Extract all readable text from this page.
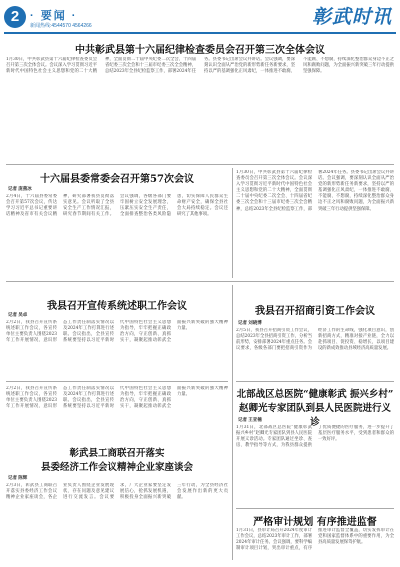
2 · 要闻 ·
新闻热线:4544570 4564266	彰武时讯
中共彰武县第十六届纪律检查委员会召开第三次全体会议
1月30日，中共彰武县第十六届纪律检查委员会召开第三次全体会议。会议深入学习贯彻习近平新时代中国特色社会主义思想和党的二十大精神，全面贯彻二十届中央纪委二次全会、十四届省纪委三次全会和十三届市纪委三次全会精神，总结2023年全县纪检监察工作，部署2024年任务。县委书记出席会议并讲话。会议强调，要深刻认识全面从严治党的新形势新任务新要求，坚持以严的基调强化正风肃纪，一体推进不敢腐、不能腐、不想腐，持续深化整治群众身边不正之风和腐败问题，为全面振兴新突破三年行动提供坚强保障。
十六届县委常委会召开第57次会议
记者 庞燕冰
2月4日，十六届县委常委会召开第57次会议，传达学习习近平总书记重要讲话精神及省市有关会议精神，研究部署我县贯彻落实意见。会议听取了全县安全生产工作情况汇报，研究春节期间有关工作。会议强调，各级各部门要牢固树立安全发展理念，压紧压实安全生产责任，全面排查整治各类风险隐患，切实保障人民群众生命财产安全，确保全县社会大局持续稳定。会议还研究了其他事项。
1月30日，中共彰武县第十六届纪律检查委员会召开第三次全体会议。会议深入学习贯彻习近平新时代中国特色社会主义思想和党的二十大精神，全面贯彻二十届中央纪委二次全会、十四届省纪委三次全会和十三届市纪委三次全会精神，总结2023年全县纪检监察工作，部署2024年任务。县委书记出席会议并讲话。会议强调，要深刻认识全面从严治党的新形势新任务新要求，坚持以严的基调强化正风肃纪，一体推进不敢腐、不能腐、不想腐，持续深化整治群众身边不正之风和腐败问题，为全面振兴新突破三年行动提供坚强保障。
我县召开宣传系统述职工作会议
记者 吴卓
2月2日，我县召开宣传系统述职工作会议，各宣传单位主要负责人围绕2023年工作开展情况、意识形态工作责任制落实情况以及2024年工作打算进行述职。会议指出，全县宣传系统要坚持以习近平新时代中国特色社会主义思想为指导，牢牢把握正确政治方向，守正创新、真抓实干，凝聚起推动彰武全面振兴新突破的强大精神力量。
我县召开招商引资工作会议
记者 刘晓博
2月5日，我县召开招商引资工作会议，总结2023年全县招商引资工作，分析当前形势，安排部署2024年重点任务。会议要求，各级各部门要把招商引资作为经济工作的生命线，强化项目意识，创新招商方式，精准对接产业链，全力以赴抓项目、促投资、稳增长，以项目建设的新成效推动县域经济高质量发展。
北部战区总医院“健康彰武 振兴乡村”
赵卿光专家团队到县人民医院进行义诊
记者 王亚楠
1月31日，北部战区总医院“健康彰武 振兴乡村”赵卿光专家团队到县人民医院开展义诊活动。专家团队通过坐诊、查房、教学指导等方式，为我县群众提供了优质便捷的医疗服务，进一步提升了基层医疗服务水平，受到患者和群众的一致好评。
严格审计规划 有序推进监督
1月31日，县审计局召开2024年度审计工作会议，总结2023年审计工作，部署2024年审计任务。会议强调，要科学编制审计项目计划，突出审计重点，有序推进审计监督全覆盖，切实发挥审计在党和国家监督体系中的重要作用，为全县高质量发展保驾护航。
2月2日，我县召开宣传系统述职工作会议，各宣传单位主要负责人围绕2023年工作开展情况、意识形态工作责任制落实情况以及2024年工作打算进行述职。会议指出，全县宣传系统要坚持以习近平新时代中国特色社会主义思想为指导，牢牢把握正确政治方向，守正创新、真抓实干，凝聚起推动彰武全面振兴新突破的强大精神力量。
彰武县工商联召开落实
县委经济工作会议精神企业家座谈会
记者 陈辉
2月3日，彰武县工商联召开落实县委经济工作会议精神企业家座谈会，各企业负责人围绕企业发展现状、存在问题及意见建议进行交流发言。会议要求，广大企业家要坚定发展信心，抢抓发展机遇，积极投身全面振兴新突破三年行动，为全县经济社会发展作出新的更大贡献。
